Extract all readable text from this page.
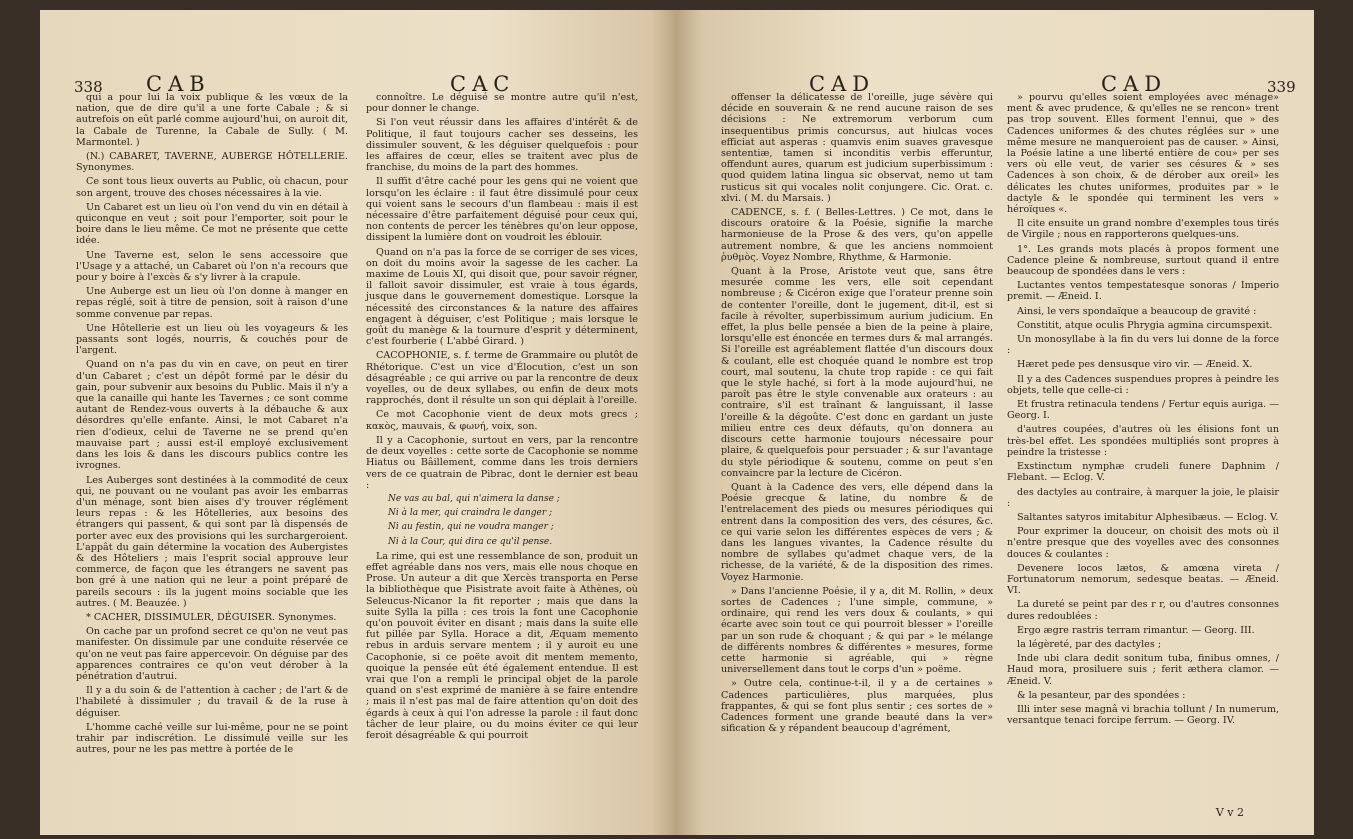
338 CAB	CAC

qui a pour lui la voix publique & les vœux de la nation, que de dire qu'il a une forte Cabale ; & si autrefois on eût parlé comme aujourd'hui, on auroit dit, la Cabale de Turenne, la Cabale de Sully. ( M. Marmontel. )

(N.) CABARET, TAVERNE, AUBERGE HÔTELLERIE. Synonymes.

Ce sont tous lieux ouverts au Public, où chacun, pour son argent, trouve des choses nécessaires à la vie.

Un Cabaret est un lieu où l'on vend du vin en détail à quiconque en veut ; soit pour l'emporter, soit pour le boire dans le lieu même. Ce mot ne présente que cette idée.

Une Taverne est, selon le sens accessoire que l'Usage y a attaché, un Cabaret où l'on n'a recours que pour y boire à l'excès & s'y livrer à la crapule.

Une Auberge est un lieu où l'on donne à manger en repas réglé, soit à titre de pension, soit à raison d'une somme convenue par repas.

Une Hôtellerie est un lieu où les voyageurs & les passants sont logés, nourris, & couchés pour de l'argent.

Quand on n'a pas du vin en cave, on peut en tirer d'un Cabaret ; c'est un dépôt formé par le désir du gain, pour subvenir aux besoins du Public. Mais il n'y a que la canaille qui hante les Tavernes ; ce sont comme autant de Rendez-vous ouverts à la débauche & aux désordres qu'elle enfante. Ainsi, le mot Cabaret n'a rien d'odieux, celui de Taverne ne se prend qu'en mauvaise part ; aussi est-il employé exclusivement dans les lois & dans les discours publics contre les ivrognes.

Les Auberges sont destinées à la commodité de ceux qui, ne pouvant ou ne voulant pas avoir les embarras d'un ménage, sont bien aises d'y trouver réglément leurs repas : & les Hôtelleries, aux besoins des étrangers qui passent, & qui sont par là dispensés de porter avec eux des provisions qui les surchargeroient. L'appât du gain détermine la vocation des Aubergistes & des Hôteliers ; mais l'esprit social approuve leur commerce, de façon que les étrangers ne savent pas bon gré à une nation qui ne leur a point préparé de pareils secours : ils la jugent moins sociable que les autres. ( M. Beauzée. )

* CACHER, DISSIMULER, DÉGUISER. Synonymes.

On cache par un profond secret ce qu'on ne veut pas manifester. On dissimule par une conduite réservée ce qu'on ne veut pas faire appercevoir. On déguise par des apparences contraires ce qu'on veut dérober à la pénétration d'autrui.

Il y a du soin & de l'attention à cacher ; de l'art & de l'habileté à dissimuler ; du travail & de la ruse à déguiser.

L'homme caché veille sur lui-même, pour ne se point trahir par indiscrétion. Le dissimulé veille sur les autres, pour ne les pas mettre à portée de le

connoître. Le déguisé se montre autre qu'il n'est, pour donner le change.

Si l'on veut réussir dans les affaires d'intérêt & de Politique, il faut toujours cacher ses desseins, les dissimuler souvent, & les déguiser quelquefois : pour les affaires de cœur, elles se traitent avec plus de franchise, du moins de la part des hommes.

Il suffit d'être caché pour les gens qui ne voient que lorsqu'on les éclaire : il faut être dissimulé pour ceux qui voient sans le secours d'un flambeau : mais il est nécessaire d'être parfaitement déguisé pour ceux qui, non contents de percer les ténèbres qu'on leur oppose, dissipent la lumière dont on voudroit les éblouir.

Quand on n'a pas la force de se corriger de ses vices, on doit du moins avoir la sagesse de les cacher. La maxime de Louis XI, qui disoit que, pour savoir régner, il falloit savoir dissimuler, est vraie à tous égards, jusque dans le gouvernement domestique. Lorsque la nécessité des circonstances & la nature des affaires engagent à déguiser, c'est Politique ; mais lorsque le goût du manège & la tournure d'esprit y déterminent, c'est fourberie ( L'abbé Girard. )

CACOPHONIE, s. f. terme de Grammaire ou plutôt de Rhétorique. C'est un vice d'Élocution, c'est un son désagréable ; ce qui arrive ou par la rencontre de deux voyelles, ou de deux syllabes, ou enfin de deux mots rapprochés, dont il résulte un son qui déplait à l'oreille.

Ce mot Cacophonie vient de deux mots grecs ; κακὸς, mauvais, & φωνή, voix, son.

Il y a Cacophonie, surtout en vers, par la rencontre de deux voyelles : cette sorte de Cacophonie se nomme Hiatus ou Bâillement, comme dans les trois derniers vers de ce quatrain de Pibrac, dont le dernier est beau :

Ne vas au bal, qui n'aimera la danse ;

Ni à la mer, qui craindra le danger ;

Ni au festin, qui ne voudra manger ;

Ni à la Cour, qui dira ce qu'il pense.

La rime, qui est une ressemblance de son, produit un effet agréable dans nos vers, mais elle nous choque en Prose. Un auteur a dit que Xercès transporta en Perse la bibliothèque que Pisistrate avoit faite à Athènes, où Seleucus-Nicanor la fit reporter ; mais que dans la suite Sylla la pilla : ces trois la font une Cacophonie qu'on pouvoit éviter en disant ; mais dans la suite elle fut pillée par Sylla. Horace a dit, Æquam memento rebus in arduis servare mentem ; il y auroit eu une Cacophonie, si ce poëte avoit dit mentem memento, quoique la pensée eût été également entendue. Il est vrai que l'on a rempli le principal objet de la parole quand on s'est exprimé de manière à se faire entendre ; mais il n'est pas mal de faire attention qu'on doit des égards à ceux à qui l'on adresse la parole : il faut donc tâcher de leur plaire, ou du moins éviter ce qui leur feroit désagréable & qui pourroit

CAD	CAD	339

offenser la délicatesse de l'oreille, juge sévère qui décide en souverain & ne rend aucune raison de ses décisions : Ne extremorum verborum cum insequentibus primis concursus, aut hiulcas voces efficiat aut asperas : quamvis enim suaves gravesque sententiæ, tamen si inconditis verbis efferuntur, offendunt aures, quarum est judicium superbissimum : quod quidem latina lingua sic observat, nemo ut tam rusticus sit qui vocales nolit conjungere. Cic. Orat. c. xlvi. ( M. du Marsais. )

CADENCE, s. f. ( Belles-Lettres. ) Ce mot, dans le discours oratoire & la Poésie, signifie la marche harmonieuse de la Prose & des vers, qu'on appelle autrement nombre, & que les anciens nommoient ῥυθμὸς. Voyez Nombre, Rhythme, & Harmonie.

Quant à la Prose, Aristote veut que, sans être mesurée comme les vers, elle soit cependant nombreuse ; & Cicéron exige que l'orateur prenne soin de contenter l'oreille, dont le jugement, dit-il, est si facile à révolter, superbissimum aurium judicium. En effet, la plus belle pensée a bien de la peine à plaire, lorsqu'elle est énoncée en termes durs & mal arrangés. Si l'oreille est agréablement flattée d'un discours doux & coulant, elle est choquée quand le nombre est trop court, mal soutenu, la chute trop rapide : ce qui fait que le style haché, si fort à la mode aujourd'hui, ne paroît pas être le style convenable aux orateurs : au contraire, s'il est traînant & languissant, il lasse l'oreille & la dégoûte. C'est donc en gardant un juste milieu entre ces deux défauts, qu'on donnera au discours cette harmonie toujours nécessaire pour plaire, & quelquefois pour persuader ; & sur l'avantage du style périodique & soutenu, comme on peut s'en convaincre par la lecture de Cicéron.

Quant à la Cadence des vers, elle dépend dans la Poésie grecque & latine, du nombre & de l'entrelacement des pieds ou mesures périodiques qui entrent dans la composition des vers, des césures, &c. ce qui varie selon les différentes espèces de vers ; & dans les langues vivantes, la Cadence résulte du nombre de syllabes qu'admet chaque vers, de la richesse, de la variété, & de la disposition des rimes. Voyez Harmonie.

» Dans l'ancienne Poésie, il y a, dit M. Rollin, » deux sortes de Cadences ; l'une simple, commune, » ordinaire, qui rend les vers doux & coulants, » qui écarte avec soin tout ce qui pourroit blesser » l'oreille par un son rude & choquant ; & qui par » le mélange de différents nombres & différentes » mesures, forme cette harmonie si agréable, qui » règne universellement dans tout le corps d'un » poëme.

» Outre cela, continue-t-il, il y a de certaines » Cadences particulières, plus marquées, plus frappantes, & qui se font plus sentir ; ces sortes de » Cadences forment une grande beauté dans la ver» sification & y répandent beaucoup d'agrément,

» pourvu qu'elles soient employées avec ménage» ment & avec prudence, & qu'elles ne se rencon» trent pas trop souvent. Elles forment l'ennui, que » des Cadences uniformes & des chutes réglées sur » une même mesure ne manqueroient pas de causer. » Ainsi, la Poésie latine a une liberté entière de cou» per ses vers où elle veut, de varier ses césures & » ses Cadences à son choix, & de dérober aux oreil» les délicates les chutes uniformes, produites par » le dactyle & le spondée qui terminent les vers » héroïques «.

Il cite ensuite un grand nombre d'exemples tous tirés de Virgile ; nous en rapporterons quelques-uns.

1°. Les grands mots placés à propos forment une Cadence pleine & nombreuse, surtout quand il entre beaucoup de spondées dans le vers :

Luctantes ventos tempestatesque sonoras / Imperio premit. — Æneid. I.

Ainsi, le vers spondaïque a beaucoup de gravité :

Constitit, atque oculis Phrygia agmina circumspexit.

Un monosyllabe à la fin du vers lui donne de la force :

Hæret pede pes densusque viro vir. — Æneid. X.

Il y a des Cadences suspendues propres à peindre les objets, telle que celle-ci :

Et frustra retinacula tendens / Fertur equis auriga. — Georg. I.

d'autres coupées, d'autres où les élisions font un très-bel effet. Les spondées multipliés sont propres à peindre la tristesse :

Exstinctum nymphæ crudeli funere Daphnim / Flebant. — Eclog. V.

des dactyles au contraire, à marquer la joie, le plaisir :

Saltantes satyros imitabitur Alphesibæus. — Eclog. V.

Pour exprimer la douceur, on choisit des mots où il n'entre presque que des voyelles avec des consonnes douces & coulantes :

Devenere locos lætos, & amœna vireta / Fortunatorum nemorum, sedesque beatas. — Æneid. VI.

La dureté se peint par des r r, ou d'autres consonnes dures redoublées :

Ergo ægre rastris terram rimantur. — Georg. III.

la légèreté, par des dactyles ;

Inde ubi clara dedit sonitum tuba, finibus omnes, / Haud mora, prosiluere suis ; ferit æthera clamor. — Æneid. V.

& la pesanteur, par des spondées :

Illi inter sese magnâ vi brachia tollunt / In numerum, versantque tenaci forcipe ferrum. — Georg. IV.

V v 2
